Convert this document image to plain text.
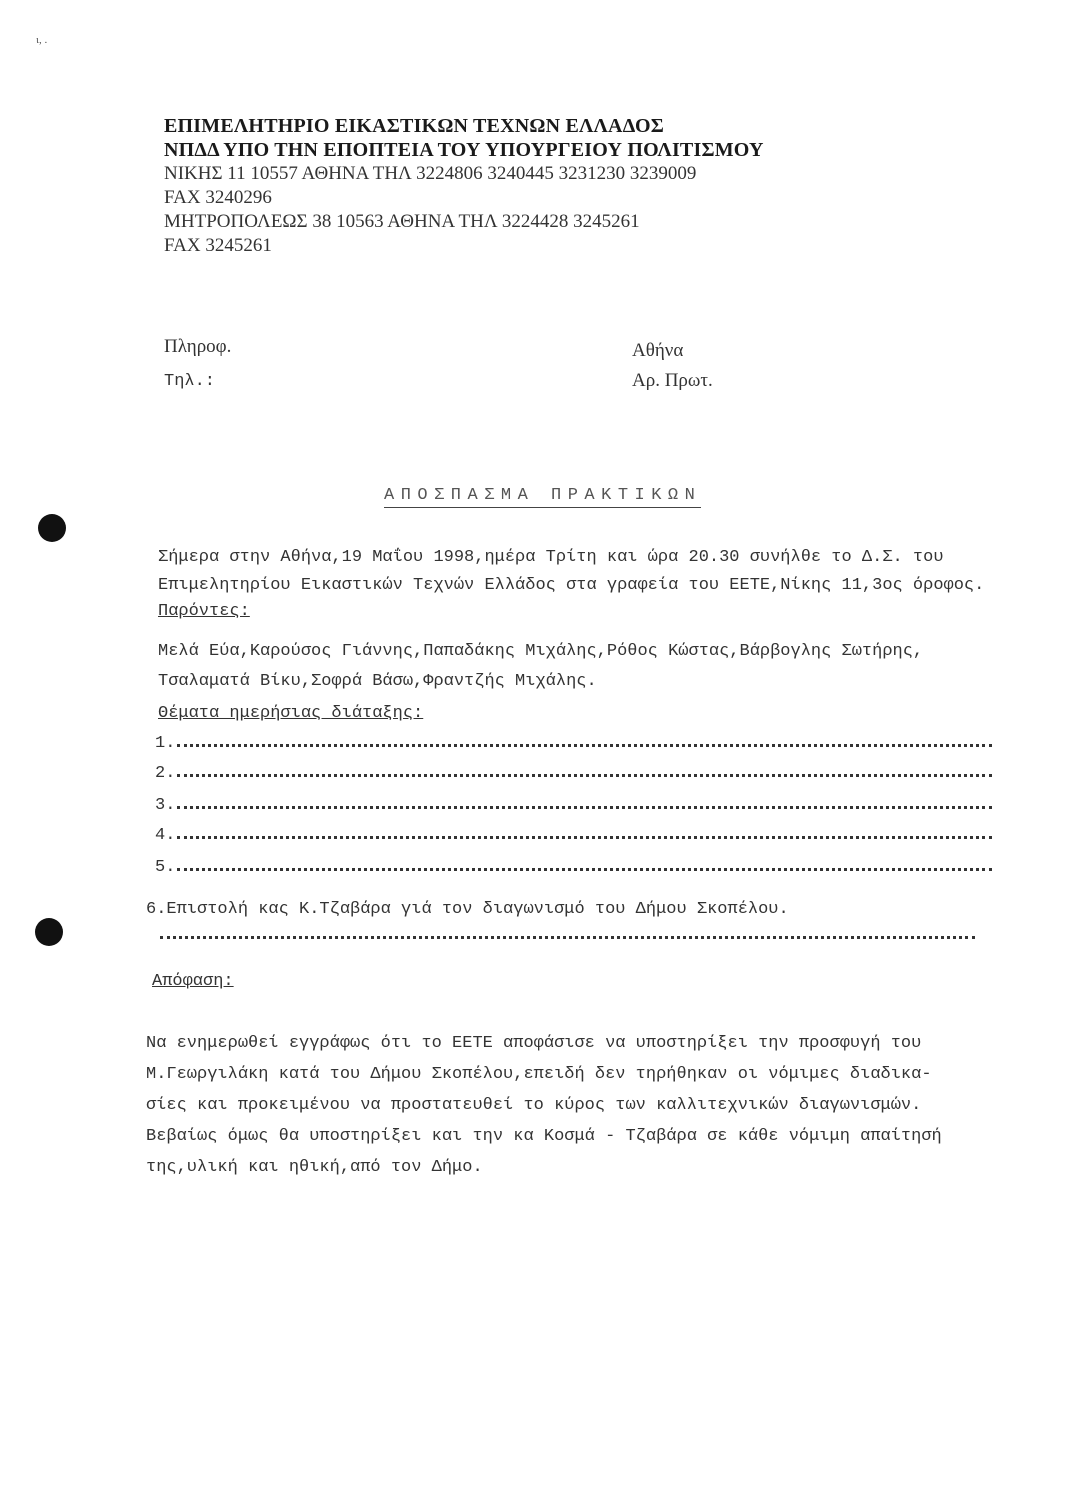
ι, .
ΕΠΙΜΕΛΗΤΗΡΙΟ ΕΙΚΑΣΤΙΚΩΝ ΤΕΧΝΩΝ ΕΛΛΑΔΟΣ
ΝΠΔΔ ΥΠΟ ΤΗΝ ΕΠΟΠΤΕΙΑ ΤΟΥ ΥΠΟΥΡΓΕΙΟΥ ΠΟΛΙΤΙΣΜΟΥ
ΝΙΚΗΣ 11 10557 ΑΘΗΝΑ ΤΗΛ 3224806 3240445 3231230 3239009
FAX 3240296
ΜΗΤΡΟΠΟΛΕΩΣ 38 10563 ΑΘΗΝΑ ΤΗΛ 3224428 3245261
FAX 3245261
Πληροφ.
Τηλ.:
Αθήνα
Αρ. Πρωτ.
ΑΠΟΣΠΑΣΜΑ ΠΡΑΚΤΙΚΩΝ
Σήμερα στην Αθήνα,19 Μαΐου 1998,ημέρα Τρίτη και ώρα 20.30 συνήλθε το Δ.Σ. του
Επιμελητηρίου Εικαστικών Τεχνών Ελλάδος στα γραφεία του ΕΕΤΕ,Νίκης 11,3ος όροφος.
Παρόντες:
Μελά Εύα,Καρούσος Γιάννης,Παπαδάκης Μιχάλης,Ρόθος Κώστας,Βάρβογλης Σωτήρης,
Τσαλαματά Βίκυ,Σοφρά Βάσω,Φραντζής Μιχάλης.
Θέματα ημερήσιας διάταξης:
1.
2.
3.
4.
5.
6.Επιστολή κας Κ.Τζαβάρα γιά τον διαγωνισμό του Δήμου Σκοπέλου.
Απόφαση:
Να ενημερωθεί εγγράφως ότι το ΕΕΤΕ αποφάσισε να υποστηρίξει την προσφυγή του
Μ.Γεωργιλάκη κατά του Δήμου Σκοπέλου,επειδή δεν τηρήθηκαν οι νόμιμες διαδικα-
σίες και προκειμένου να προστατευθεί το κύρος των καλλιτεχνικών διαγωνισμών.
Βεβαίως όμως θα υποστηρίξει και την κα Κοσμά - Τζαβάρα σε κάθε νόμιμη απαίτησή
της,υλική και ηθική,από τον Δήμο.
